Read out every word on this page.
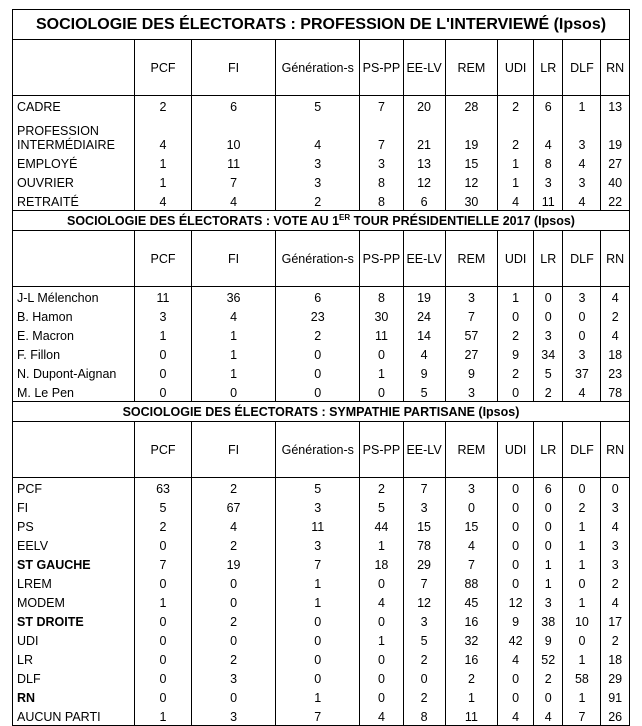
SOCIOLOGIE DES ÉLECTORATS : PROFESSION DE L'INTERVIEWÉ (Ipsos)										

	PCF	FI	Génération-s	PS-PP	EE-LV	REM	UDI	LR	DLF	RN

CADRE	2	6	5	7	20	28	2	6	1	13

PROFESSION INTERMÉDIAIRE	4	10	4	7	21	19	2	4	3	19

EMPLOYÉ	1	11	3	3	13	15	1	8	4	27

OUVRIER	1	7	3	8	12	12	1	3	3	40

RETRAITÉ	4	4	2	8	6	30	4	11	4	22

SOCIOLOGIE DES ÉLECTORATS : VOTE AU 1ER TOUR PRÉSIDENTIELLE 2017 (Ipsos)										

	PCF	FI	Génération-s	PS-PP	EE-LV	REM	UDI	LR	DLF	RN

J-L Mélenchon	11	36	6	8	19	3	1	0	3	4

B. Hamon	3	4	23	30	24	7	0	0	0	2

E. Macron	1	1	2	11	14	57	2	3	0	4

F. Fillon	0	1	0	0	4	27	9	34	3	18

N. Dupont-Aignan	0	1	0	1	9	9	2	5	37	23

M. Le Pen	0	0	0	0	5	3	0	2	4	78

SOCIOLOGIE DES ÉLECTORATS : SYMPATHIE PARTISANE (Ipsos)										

	PCF	FI	Génération-s	PS-PP	EE-LV	REM	UDI	LR	DLF	RN

PCF	63	2	5	2	7	3	0	6	0	0

FI	5	67	3	5	3	0	0	0	2	3

PS	2	4	11	44	15	15	0	0	1	4

EELV	0	2	3	1	78	4	0	0	1	3

ST GAUCHE	7	19	7	18	29	7	0	1	1	3

LREM	0	0	1	0	7	88	0	1	0	2

MODEM	1	0	1	4	12	45	12	3	1	4

ST DROITE	0	2	0	0	3	16	9	38	10	17

UDI	0	0	0	1	5	32	42	9	0	2

LR	0	2	0	0	2	16	4	52	1	18

DLF	0	3	0	0	0	2	0	2	58	29

RN	0	0	1	0	2	1	0	0	1	91

AUCUN PARTI	1	3	7	4	8	11	4	4	7	26
